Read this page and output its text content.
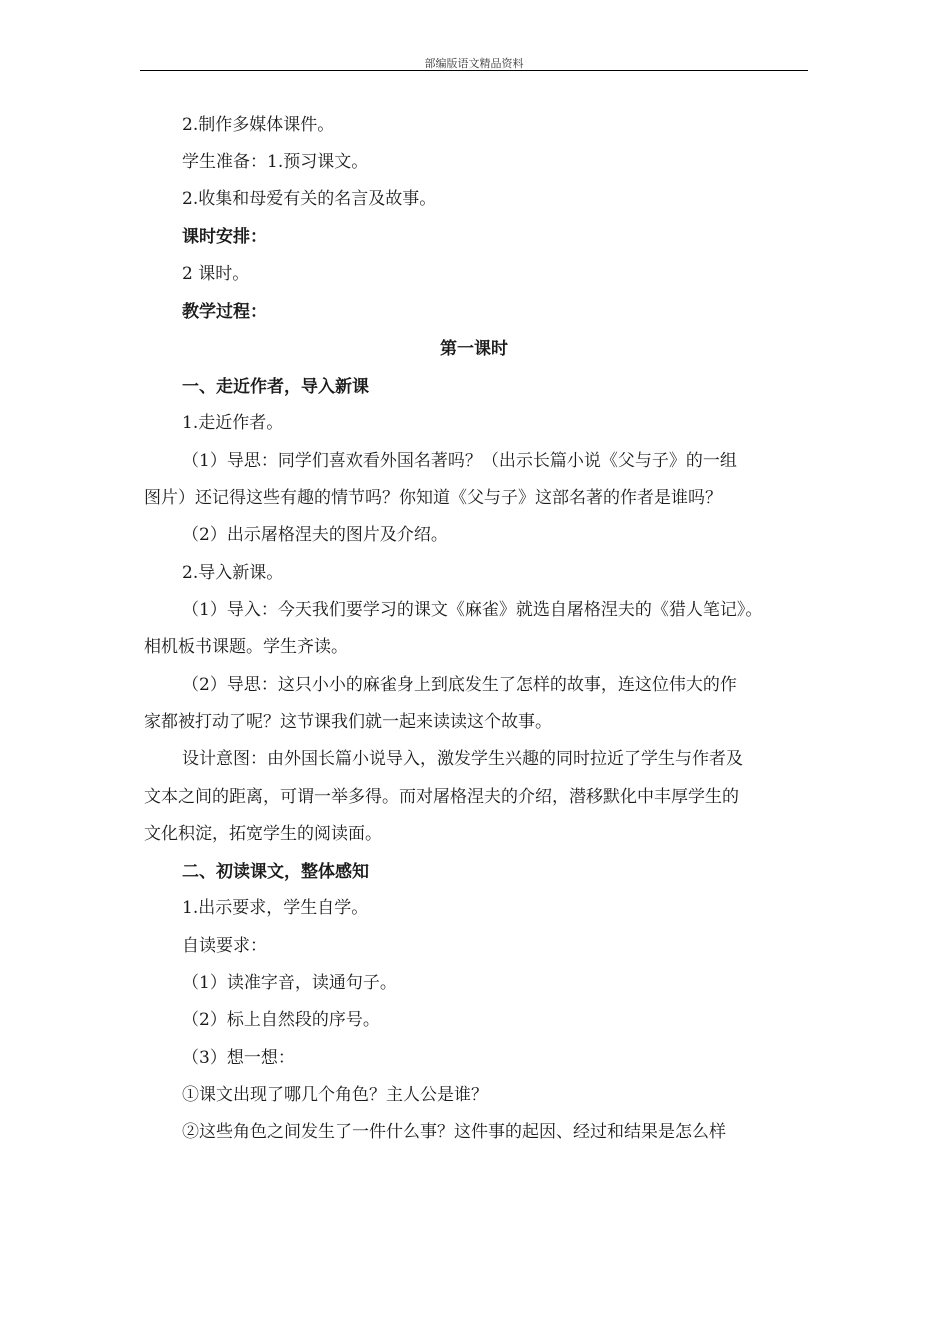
部编版语文精品资料
2.制作多媒体课件。
学生准备：1.预习课文。
2.收集和母爱有关的名言及故事。
课时安排：
2 课时。
教学过程：
第一课时
一、走近作者，导入新课
1.走近作者。
（1）导思：同学们喜欢看外国名著吗？（出示长篇小说《父与子》的一组
图片）还记得这些有趣的情节吗？你知道《父与子》这部名著的作者是谁吗？
（2）出示屠格涅夫的图片及介绍。
2.导入新课。
（1）导入：今天我们要学习的课文《麻雀》就选自屠格涅夫的《猎人笔记》。
相机板书课题。学生齐读。
（2）导思：这只小小的麻雀身上到底发生了怎样的故事，连这位伟大的作
家都被打动了呢？这节课我们就一起来读读这个故事。
设计意图：由外国长篇小说导入，激发学生兴趣的同时拉近了学生与作者及
文本之间的距离，可谓一举多得。而对屠格涅夫的介绍，潜移默化中丰厚学生的
文化积淀，拓宽学生的阅读面。
二、初读课文，整体感知
1.出示要求，学生自学。
自读要求：
（1）读准字音，读通句子。
（2）标上自然段的序号。
（3）想一想：
①课文出现了哪几个角色？主人公是谁？
②这些角色之间发生了一件什么事？这件事的起因、经过和结果是怎么样
